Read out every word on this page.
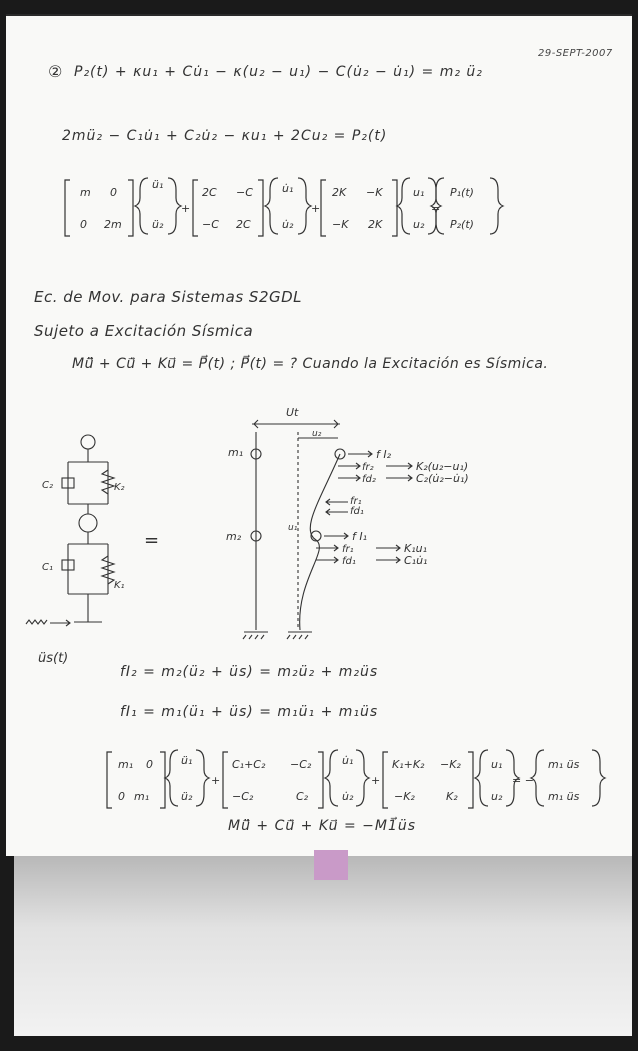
29-SEPT-2007
② P₂(t) + κu₁ + Cu̇₁ − κ(u₂ − u₁) − C(u̇₂ − u̇₁) = m₂ ü₂
2mü₂ − C₁u̇₁ + C₂u̇₂ − κu₁ + 2Cu₂ = P₂(t)
m 0
0 2m
ü₁
ü₂
+
2C −C
−C 2C
u̇₁
u̇₂
+
2K −K
−K 2K
u₁
u₂
=
P₁(t)
P₂(t)
Ec. de Mov. para Sistemas S2GDL
Sujeto a Excitación Sísmica
Mü⃗ + Cu̇⃗ + Ku⃗ = P⃗(t) ; P⃗(t) = ? Cuando la Excitación es Sísmica.
Ut
u₂
u₁
m₁
m₂
f I₂
fr₂
fd₂
K₂(u₂−u₁)
C₂(u̇₂−u̇₁)
fr₁
fd₁
f I₁
fr₁
fd₁
K₁u₁
C₁u̇₁
C₂	K₂
C₁
K₁
üs(t)
=
fI₂ = m₂(ü₂ + üs) = m₂ü₂ + m₂üs
fI₁ = m₁(ü₁ + üs) = m₁ü₁ + m₁üs
m₁ 0
0 m₁
ü₁
ü₂
+
C₁+C₂ −C₂
−C₂	C₂
u̇₁
u̇₂
+
K₁+K₂ −K₂
−K₂	K₂
u₁
u₂
= −
m₁ üs
m₁ üs
Mü⃗ + Cu̇⃗ + Ku⃗ = −M1⃗üs
